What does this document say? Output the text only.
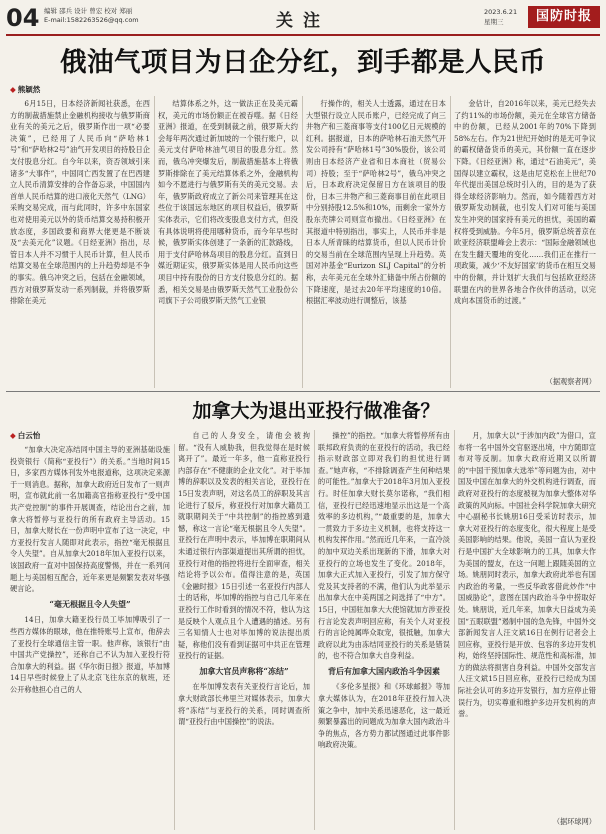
04 编辑 邵兵 设计 曾宏 校对 郑丽
E-mail:1582263526@qq.com	关注	2023.6.21
星期三	国防时报
俄油气项目为日企分红，到手都是人民币
◆ 熊颖然

6月15日，日本经济新闻社获悉，在西方的制裁措施禁止金融机构接收与俄罗斯商业有关的美元之后，俄罗斯作出一项“必要决策”，已经用了人民币向“萨哈林1号”和“萨哈林2号”油气开发项目的持股日企支付股息分红。自今年以来，资否领域引来诸多“大事件”，中国同亡西发置了在巴西建立人民币清算安排的合作备忘录，中国国内首单人民币结算的进口液化天然气（LNG）采购交易完成，而与此同时，许多中东国家也对使用美元以外的货币结算交易持积极开放态度，多国政要和商界大佬更是不断谈及“去美元化”议题。《日经亚洲》指出，尽管日本人并不习惯于人民币计算，但人民币结算交易在全球范围内的上升趋势却是不争的事实。俄乌冲突之后，包括在金融领域，西方对俄罗斯发动一系列制裁，并将俄罗斯排除在美元

结算体系之外，这一做法正在及美元霸权，美元的市场份额正在被吞噬。据《日经亚洲》报道，在受到制裁之前，俄罗斯大约会每年两次通过新加坡的一个银行账户，以美元支付萨哈林油气项目的股息分红。然而，俄乌冲突爆发后，制裁措施基本上将俄罗斯排除在了美元结算体系之外，金融机构如今不愿进行与俄罗斯有关的美元交易。去年，俄罗斯政府成立了新公司来管理其在这些位于该国远东地区的项目权益后，俄罗斯实体表示，它们将改变股息支付方式，但没有具体说明将使用哪种货币，而今年早些时候，俄罗斯实体创建了一条新的汇款路线，用于支付萨哈林岛项目的股息分红。直到日媒近期证实，俄罗斯实体是用人民币向这些项目中持有股份的日方支付股息分红的。据悉，相关交易是由俄罗斯天然气工业股份公司旗下子公司俄罗斯天然气工业银

行操作的，相关人士透露，通过在日本大型银行设立人民币账户，已经完成了向三井物产和三菱商事等支付100亿日元规模的红利。据报道，日本的萨哈林石油天然气开发公司持有“萨哈林1号”30%股份，该公司则由日本经济产业省和日本商社（贸易公司）持股；至于“萨哈林2号”，俄乌冲突之后，日本政府决定保留日方在该项目的股份，日本三井物产和三菱商事目前在此项目中分别持股12.5%和10%，而剩余一家外方股东壳牌公司则宣布撤出。《日经亚洲》在其报道中特别指出，事实上，人民币并非是日本人所青睐的结算货币，但以人民币计价的交易当前在全球范围内呈现上升趋势。英国对冲基金“Eurizon SLJ Capital”的分析称，去年美元在全球外汇储备中所占份额的下降速度，是过去20年平均速度的10倍。根据汇率波动进行调整后，该基

金估计，自2016年以来，美元已经失去了约11%的市场份额，美元在全球官方储备中的份额，已经从2001年的70%下降到58%左右。作为21世纪开始时的是无可争议的霸权储备货币的美元，其份额一直在逐步下降。《日经亚洲》称，通过“石油美元”，美国得以建立霸权，这是由尼克松在上世纪70年代提出美国总统时引入的，目的是为了获得全球经济影响力。然而，如今随着西方对俄罗斯发动制裁，也引发人们对可能与美国发生冲突的国家持有美元的担忧，美国的霸权将受到威胁。今年5月，俄罗斯总统普京在欧亚经济联盟峰会上表示：“国际金融领域也在发生翻天覆地的变化……我们正在推行一项政策，减少‘不友好国家’的货币在相互交易中的份额，并计划扩大我们与包括欧亚经济联盟在内的世界各地合作伙伴的活动，以完成向本国货币的过渡。”

（据观察者网）

加拿大为退出亚投行做准备？
◆ 白云怡

“加拿大决定冻结同中国主导的亚洲基础设施投资银行（简称“亚投行”）的关系。”当地时间15日，多家西方媒体刊发外电报道称，这项决定来源于一则消息。据称，加拿大政府近日发布了一则声明，宣布就此前一名加籍高官指称亚投行“受中国共产党控制”的事件开展调查，结论出台之前，加拿大将暂停与亚投行的所有政府主导活动。15日，加拿大财长在一份声明中宣布了这一决定，中方亚投行发言人随即对此表示，指控“毫无根据且令人失望”。自从加拿大2018年加入亚投行以来，该国政府一直对中国保持高度警惕，并在一系列问题上与美国相互配合，近年来更是频繁发表对华强硬言论。

“毫无根据且令人失望”

14日，加拿大籍亚投行员工毕加博吸引了一些西方媒体的眼球，他在推特账号上宣布，他辞去了亚投行全球通信主管一职。他声称，该银行“由中国共产党操控”，还称自己不认为加入亚投行符合加拿大的利益。据《华尔街日报》报道，毕加博14日早些时候登上了从北京飞往东京的航班，还公开称他担心自己的人

自己的人身安全，请他会被拘留。“没有人威胁我，但我觉得在是时候离开了”。最近一年多，他一直称亚投行内部存在“不健康的企业文化”。对于毕加博的辞职以及发表的相关言论，亚投行在15日发表声明，对这名员工的辞职及其言论进行了驳斥，称亚投行对加拿大籍员工就职期间关于“中共控制”的指控感到遗憾，称这一言论“毫无根据且令人失望”。亚投行在声明中表示，毕加博在职期间从未通过银行内部渠道提出其所谓的担忧，亚投行对他的指控将进行全面审查，相关结论将予以公布。值得注意的是，英国《金融时报》15日引述一名亚投行内部人士的话称，毕加博的指控与自己几年来在亚投行工作时看到的情况不符，他认为这是反映个人观点且个人遭遇的描述。另有三名知情人士也对毕加博的说法提出质疑，称他们没有看到证据可中共正在管理亚投行的证据。

加拿大官员声称将“冻结”

在毕加博发表有关亚投行言论后，加拿大财政部长弗里兰对媒体表示，加拿大将“冻结”与亚投行的关系，同时调查所谓“亚投行由中国操控”的说法。

操控”的指控。“加拿大将暂停所有由联邦政府负责的在亚投行的活动，我已经指示财政部立即对我们的担忧进行调查。”她声称，“不排除调查产生何种结果的可能性。”加拿大于2018年3月加入亚投行。时任加拿大财长莫尔诺称，“我们相信，亚投行已经迅速地显示出这是一个高效率的多边机构，”“最重要的是，加拿大一贯致力于多边主义机制，也将支持这一机构发挥作用。”然而近几年来，一直冷淡的加中双边关系出现新的下滑，加拿大对亚投行的立场也发生了变化。2018年，加拿大正式加入亚投行，引发了加方保守党及其支持者的不满，他们认为此举显示出加拿大在中美两国之间选择了“中方”。15日，中国驻加拿大大使馆就加方涉亚投行言论发表声明回应称，有关个人对亚投行的言论纯属哗众取宠，很抵触，加拿大政府以此为由冻结同亚投行的关系是错误的，也不符合加拿大自身利益。

背后有加拿大国内政治斗争因素

《多伦多星报》和《环球邮报》等加拿大媒体认为，在2018年亚投行加入决策之争中，加中关系迅速恶化，这一最近频繁暴露出的问题成为加拿大国内政治斗争的焦点，各方势力都试图通过此事件影响政府决策。

月，加拿大以“于涉加内政”为借口，宣布将一名中国外交官驱逐出境，中方随即宣布对等反制。加拿大政府近期又以所谓的“中国干预加拿大选举”等问题为由，对中国及中国在加拿大的外交机构进行调查，而政府对亚投行的态度被视为加拿大整体对华政策的风向标。中国社会科学院加拿大研究中心副秘书长姚朋16日受采访时表示，加拿大对亚投行的态度变化，很大程度上是受美国影响的结果。他说，美国一直认为亚投行是中国扩大全球影响力的工具，加拿大作为美国的盟友，在这一问题上跟随美国的立场。姚朋同时表示，加拿大政府此举也有国内政治的考量，一些反华政客借此炒作“中国威胁论”，意图在国内政治斗争中捞取好处。姚朋说，近几年来，加拿大日益成为美国“五眼联盟”遏制中国的急先锋，中国外交部新闻发言人汪文斌16日在例行记者会上回应称，亚投行是开放、包容的多边开发机构，始终坚持国际性、规范性和高标准，加方的做法将损害自身利益。中国外交部发言人汪文斌15日回应称，亚投行已经成为国际社会认可的多边开发银行，加方应停止错误行为，切实尊重和维护多边开发机构的声誉。

（据环球网）
